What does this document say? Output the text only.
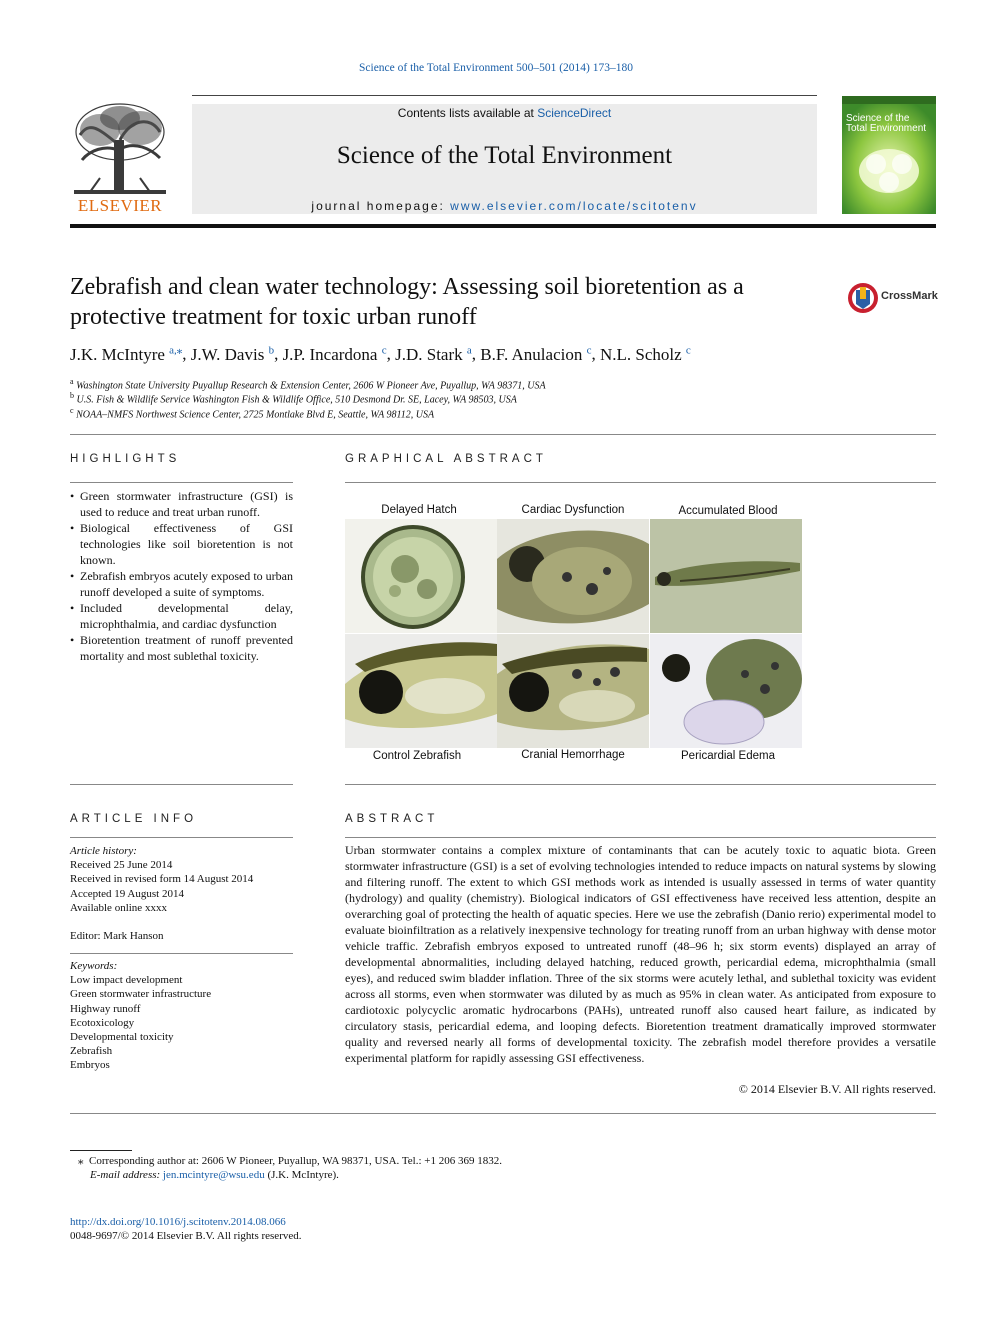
Science of the Total Environment 500–501 (2014) 173–180
ELSEVIER
Contents lists available at ScienceDirect
Science of the Total Environment
journal homepage: www.elsevier.com/locate/scitotenv
Science of the Total Environment
Zebrafish and clean water technology: Assessing soil bioretention as a protective treatment for toxic urban runoff
CrossMark
J.K. McIntyre $^{a,⁎}$, J.W. Davis $^b$, J.P. Incardona $^c$, J.D. Stark $^a$, B.F. Anulacion $^c$, N.L. Scholz $^c$
$^a$ Washington State University Puyallup Research & Extension Center, 2606 W Pioneer Ave, Puyallup, WA 98371, USA
$^b$ U.S. Fish & Wildlife Service Washington Fish & Wildlife Office, 510 Desmond Dr. SE, Lacey, WA 98503, USA
$^c$ NOAA–NMFS Northwest Science Center, 2725 Montlake Blvd E, Seattle, WA 98112, USA
HIGHLIGHTS
• Green stormwater infrastructure (GSI) is used to reduce and treat urban runoff.
• Biological effectiveness of GSI technologies like soil bioretention is not known.
• Zebrafish embryos acutely exposed to urban runoff developed a suite of symptoms.
• Included developmental delay, microphthalmia, and cardiac dysfunction
• Bioretention treatment of runoff prevented mortality and most sublethal toxicity.
GRAPHICAL ABSTRACT
Delayed Hatch	Cardiac Dysfunction	Accumulated Blood
Control Zebrafish	Cranial Hemorrhage	Pericardial Edema
ARTICLE INFO
Article history:
Received 25 June 2014
Received in revised form 14 August 2014
Accepted 19 August 2014
Available online xxxx
Editor: Mark Hanson
Keywords:
Low impact development
Green stormwater infrastructure
Highway runoff
Ecotoxicology
Developmental toxicity
Zebrafish
Embryos
ABSTRACT
Urban stormwater contains a complex mixture of contaminants that can be acutely toxic to aquatic biota. Green stormwater infrastructure (GSI) is a set of evolving technologies intended to reduce impacts on natural systems by slowing and filtering runoff. The extent to which GSI methods work as intended is usually assessed in terms of water quantity (hydrology) and quality (chemistry). Biological indicators of GSI effectiveness have received less attention, despite an overarching goal of protecting the health of aquatic species. Here we use the zebrafish (Danio rerio) experimental model to evaluate bioinfiltration as a relatively inexpensive technology for treating runoff from an urban highway with dense motor vehicle traffic. Zebrafish embryos exposed to untreated runoff (48–96 h; six storm events) displayed an array of developmental abnormalities, including delayed hatching, reduced growth, pericardial edema, microphthalmia (small eyes), and reduced swim bladder inflation. Three of the six storms were acutely lethal, and sublethal toxicity was evident across all storms, even when stormwater was diluted by as much as 95% in clean water. As anticipated from exposure to cardiotoxic polycyclic aromatic hydrocarbons (PAHs), untreated runoff also caused heart failure, as indicated by circulatory stasis, pericardial edema, and looping defects. Bioretention treatment dramatically improved stormwater quality and reversed nearly all forms of developmental toxicity. The zebrafish model therefore provides a versatile experimental platform for rapidly assessing GSI effectiveness.
© 2014 Elsevier B.V. All rights reserved.
⁎ Corresponding author at: 2606 W Pioneer, Puyallup, WA 98371, USA. Tel.: +1 206 369 1832.
E-mail address: jen.mcintyre@wsu.edu (J.K. McIntyre).
http://dx.doi.org/10.1016/j.scitotenv.2014.08.066
0048-9697/© 2014 Elsevier B.V. All rights reserved.
